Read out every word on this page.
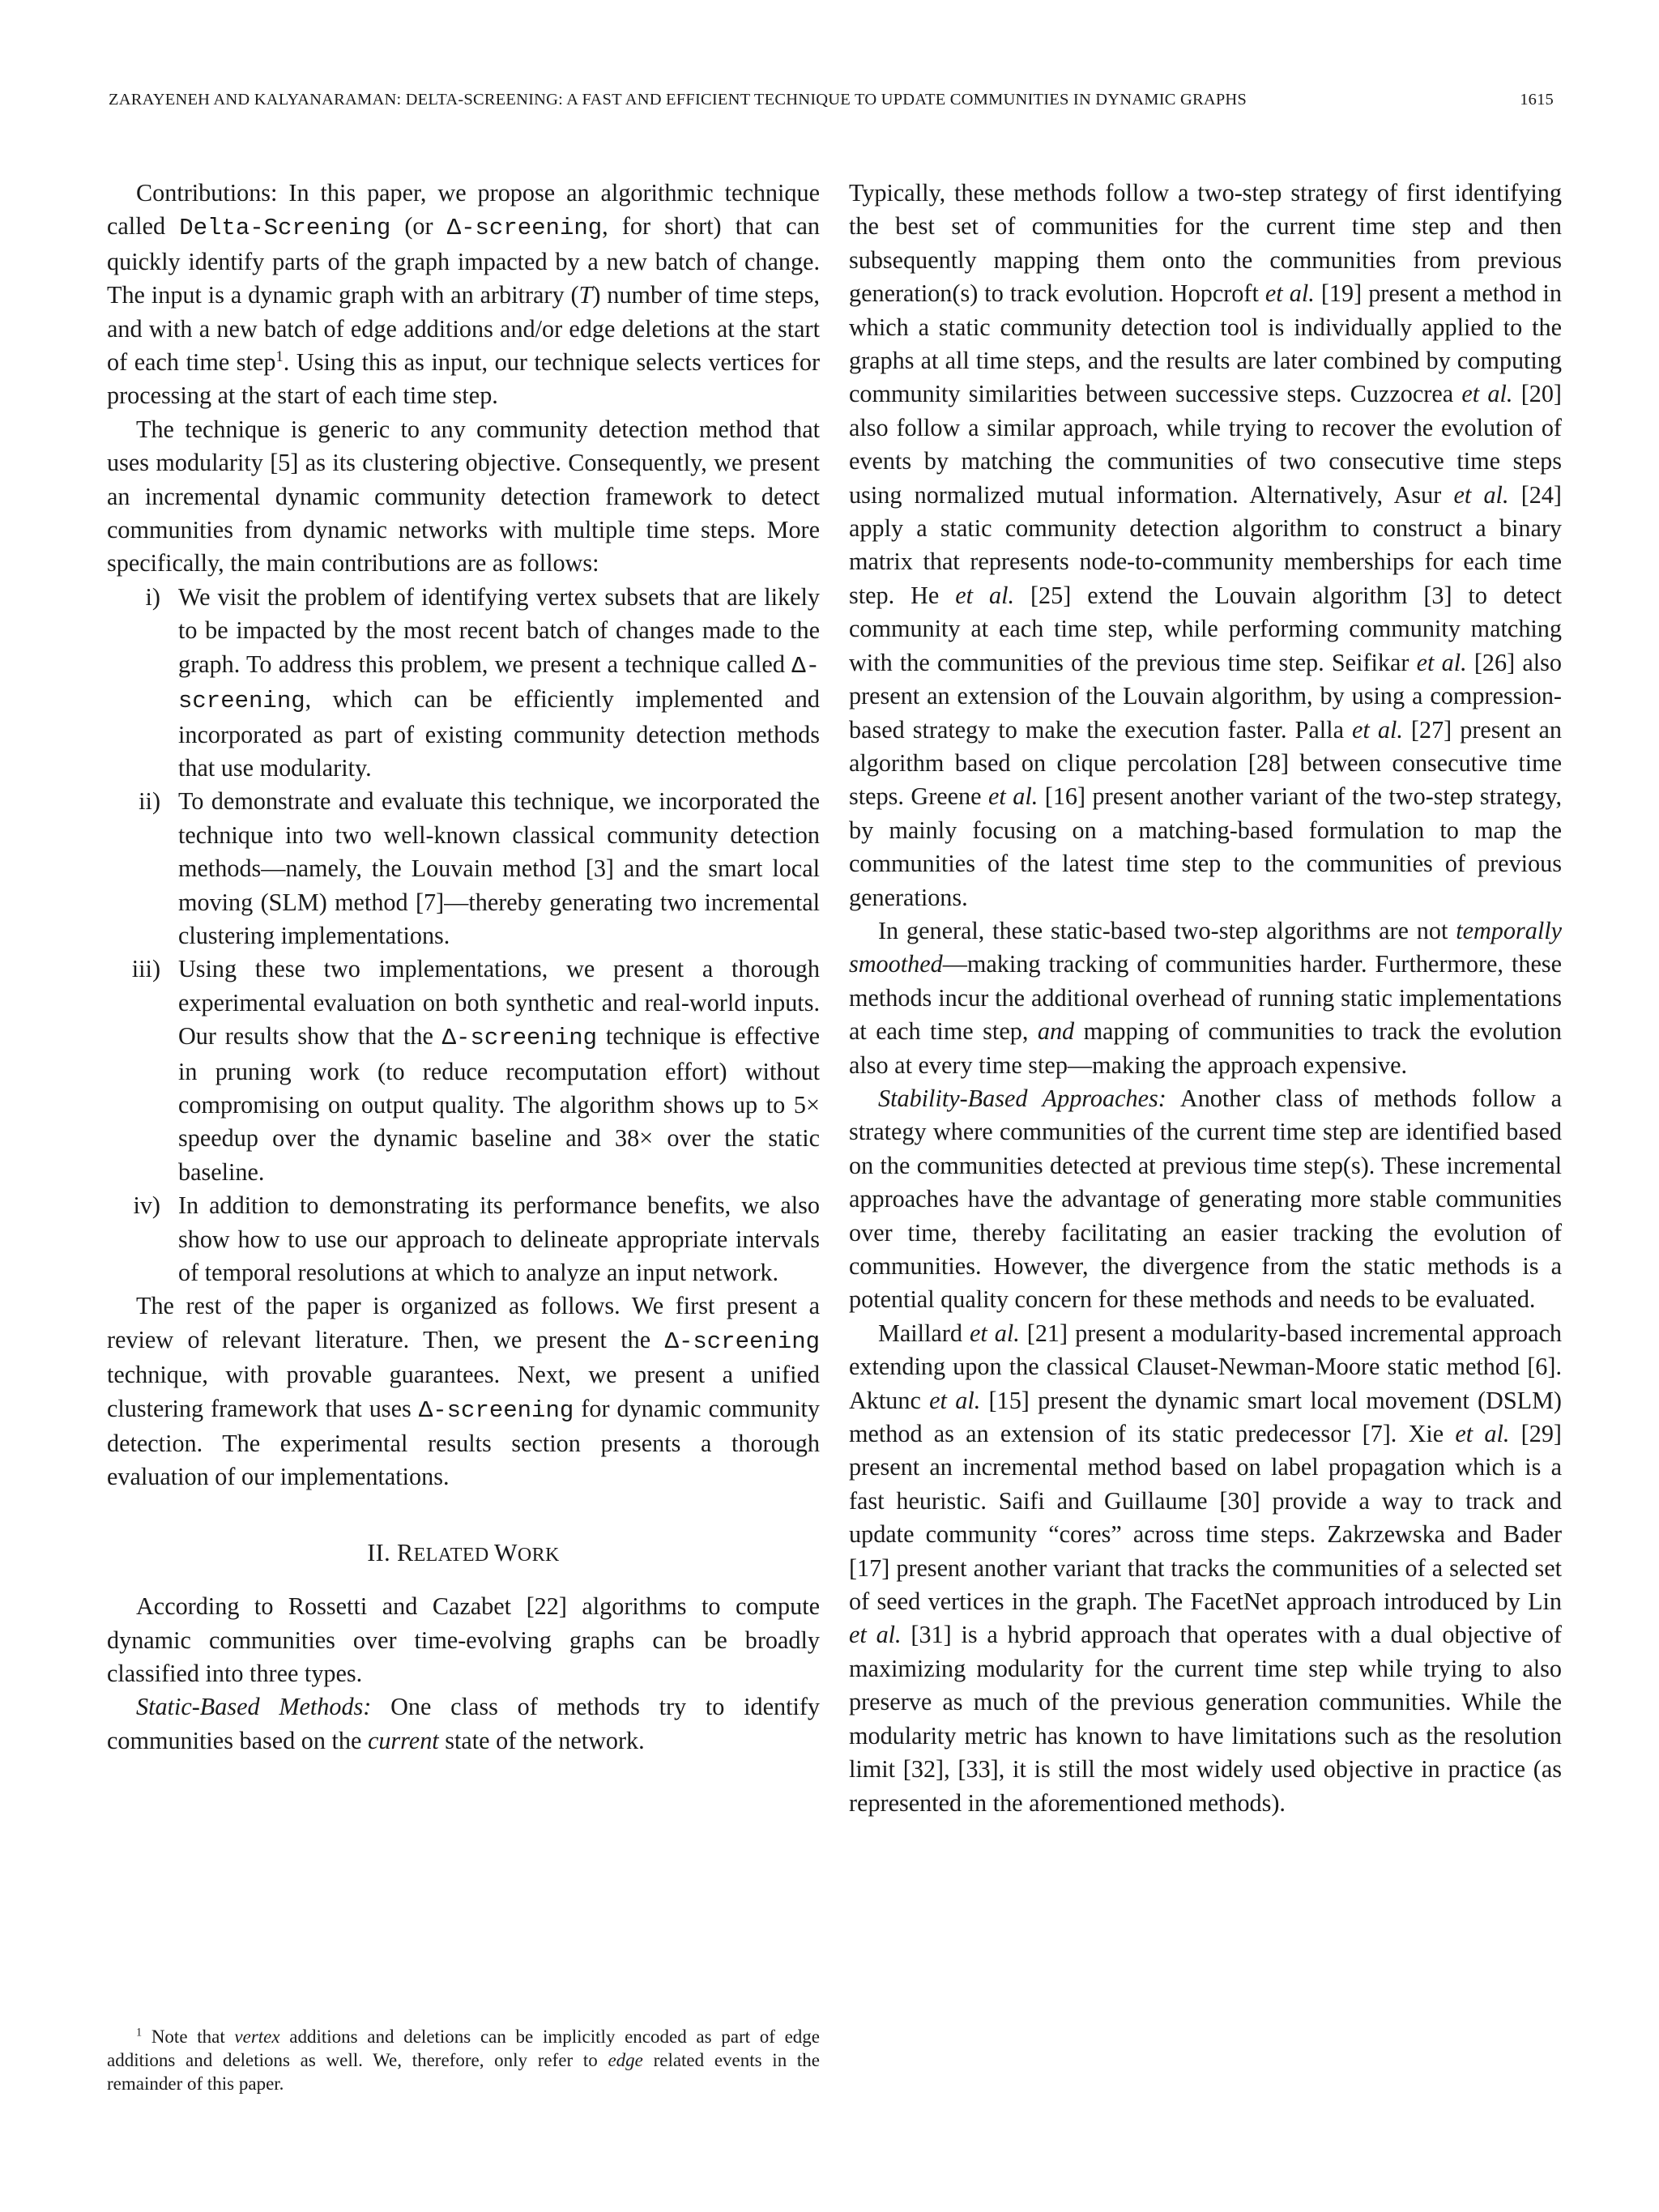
ZARAYENEH AND KALYANARAMAN: DELTA-SCREENING: A FAST AND EFFICIENT TECHNIQUE TO UPDATE COMMUNITIES IN DYNAMIC GRAPHS	1615

Contributions: In this paper, we propose an algorithmic technique called Delta-Screening (or Δ-screening, for short) that can quickly identify parts of the graph impacted by a new batch of change. The input is a dynamic graph with an arbitrary (T) number of time steps, and with a new batch of edge additions and/or edge deletions at the start of each time step$^1$. Using this as input, our technique selects vertices for processing at the start of each time step.

The technique is generic to any community detection method that uses modularity [5] as its clustering objective. Consequently, we present an incremental dynamic community detection framework to detect communities from dynamic networks with multiple time steps. More specifically, the main contributions are as follows:

i) We visit the problem of identifying vertex subsets that are likely to be impacted by the most recent batch of changes made to the graph. To address this problem, we present a technique called Δ-screening, which can be efficiently implemented and incorporated as part of existing community detection methods that use modularity.
ii) To demonstrate and evaluate this technique, we incorporated the technique into two well-known classical community detection methods—namely, the Louvain method [3] and the smart local moving (SLM) method [7]—thereby generating two incremental clustering implementations.
iii) Using these two implementations, we present a thorough experimental evaluation on both synthetic and real-world inputs. Our results show that the Δ-screening technique is effective in pruning work (to reduce recomputation effort) without compromising on output quality. The algorithm shows up to 5× speedup over the dynamic baseline and 38× over the static baseline.
iv) In addition to demonstrating its performance benefits, we also show how to use our approach to delineate appropriate intervals of temporal resolutions at which to analyze an input network.

The rest of the paper is organized as follows. We first present a review of relevant literature. Then, we present the Δ-screening technique, with provable guarantees. Next, we present a unified clustering framework that uses Δ-screening for dynamic community detection. The experimental results section presents a thorough evaluation of our implementations.

II. RELATED WORK

According to Rossetti and Cazabet [22] algorithms to compute dynamic communities over time-evolving graphs can be broadly classified into three types.

Static-Based Methods: One class of methods try to identify communities based on the current state of the network.

$^1$ Note that vertex additions and deletions can be implicitly encoded as part of edge additions and deletions as well. We, therefore, only refer to edge related events in the remainder of this paper.

Typically, these methods follow a two-step strategy of first identifying the best set of communities for the current time step and then subsequently mapping them onto the communities from previous generation(s) to track evolution. Hopcroft et al. [19] present a method in which a static community detection tool is individually applied to the graphs at all time steps, and the results are later combined by computing community similarities between successive steps. Cuzzocrea et al. [20] also follow a similar approach, while trying to recover the evolution of events by matching the communities of two consecutive time steps using normalized mutual information. Alternatively, Asur et al. [24] apply a static community detection algorithm to construct a binary matrix that represents node-to-community memberships for each time step. He et al. [25] extend the Louvain algorithm [3] to detect community at each time step, while performing community matching with the communities of the previous time step. Seifikar et al. [26] also present an extension of the Louvain algorithm, by using a compression-based strategy to make the execution faster. Palla et al. [27] present an algorithm based on clique percolation [28] between consecutive time steps. Greene et al. [16] present another variant of the two-step strategy, by mainly focusing on a matching-based formulation to map the communities of the latest time step to the communities of previous generations.

In general, these static-based two-step algorithms are not temporally smoothed—making tracking of communities harder. Furthermore, these methods incur the additional overhead of running static implementations at each time step, and mapping of communities to track the evolution also at every time step—making the approach expensive.

Stability-Based Approaches: Another class of methods follow a strategy where communities of the current time step are identified based on the communities detected at previous time step(s). These incremental approaches have the advantage of generating more stable communities over time, thereby facilitating an easier tracking the evolution of communities. However, the divergence from the static methods is a potential quality concern for these methods and needs to be evaluated.

Maillard et al. [21] present a modularity-based incremental approach extending upon the classical Clauset-Newman-Moore static method [6]. Aktunc et al. [15] present the dynamic smart local movement (DSLM) method as an extension of its static predecessor [7]. Xie et al. [29] present an incremental method based on label propagation which is a fast heuristic. Saifi and Guillaume [30] provide a way to track and update community “cores” across time steps. Zakrzewska and Bader [17] present another variant that tracks the communities of a selected set of seed vertices in the graph. The FacetNet approach introduced by Lin et al. [31] is a hybrid approach that operates with a dual objective of maximizing modularity for the current time step while trying to also preserve as much of the previous generation communities. While the modularity metric has known to have limitations such as the resolution limit [32], [33], it is still the most widely used objective in practice (as represented in the aforementioned methods).
